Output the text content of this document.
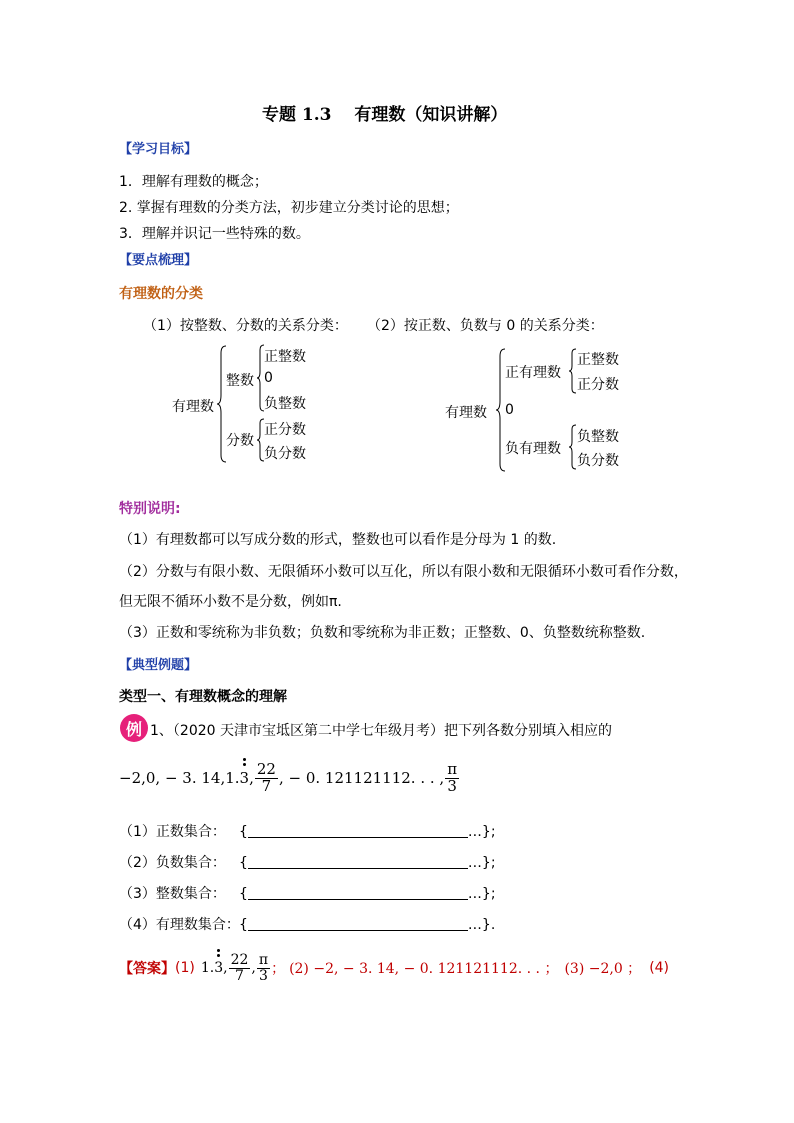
专题 1.3　 有理数（知识讲解）
【学习目标】
1．理解有理数的概念；
2. 掌握有理数的分类方法，初步建立分类讨论的思想；
3．理解并识记一些特殊的数。
【要点梳理】
有理数的分类
（1）按整数、分数的关系分类： （2）按正数、负数与 0 的关系分类：
有理数
整数
分数
正整数
0
负整数
正分数
负分数
有理数
正有理数
0
负有理数
正整数
正分数
负整数
负分数
特别说明:
（1）有理数都可以写成分数的形式，整数也可以看作是分母为 1 的数.
（2）分数与有限小数、无限循环小数可以互化，所以有限小数和无限循环小数可看作分数，
但无限不循环小数不是分数，例如π.
（3）正数和零统称为非负数；负数和零统称为非正数；正整数、0、负整数统称整数.
【典型例题】
类型一、有理数概念的理解
例 1、（2020 天津市宝坻区第二中学七年级月考）把下列各数分别填入相应的
−2,0, − 3. 14,1. 3 , $\frac{22}{7}$ , − 0. 121121112. . . , $\frac{\pi}{3}$
（1）正数集合： {	…};
（2）负数集合： {	…};
（3）整数集合： {	…};
（4）有理数集合：{	…}.
【答案】 (1) 1. 3 , $\frac{22}{7}$ , $\frac{\pi}{3}$ ； (2) −2, − 3. 14, − 0. 121121112. . . ； (3) −2,0 ； (4)
